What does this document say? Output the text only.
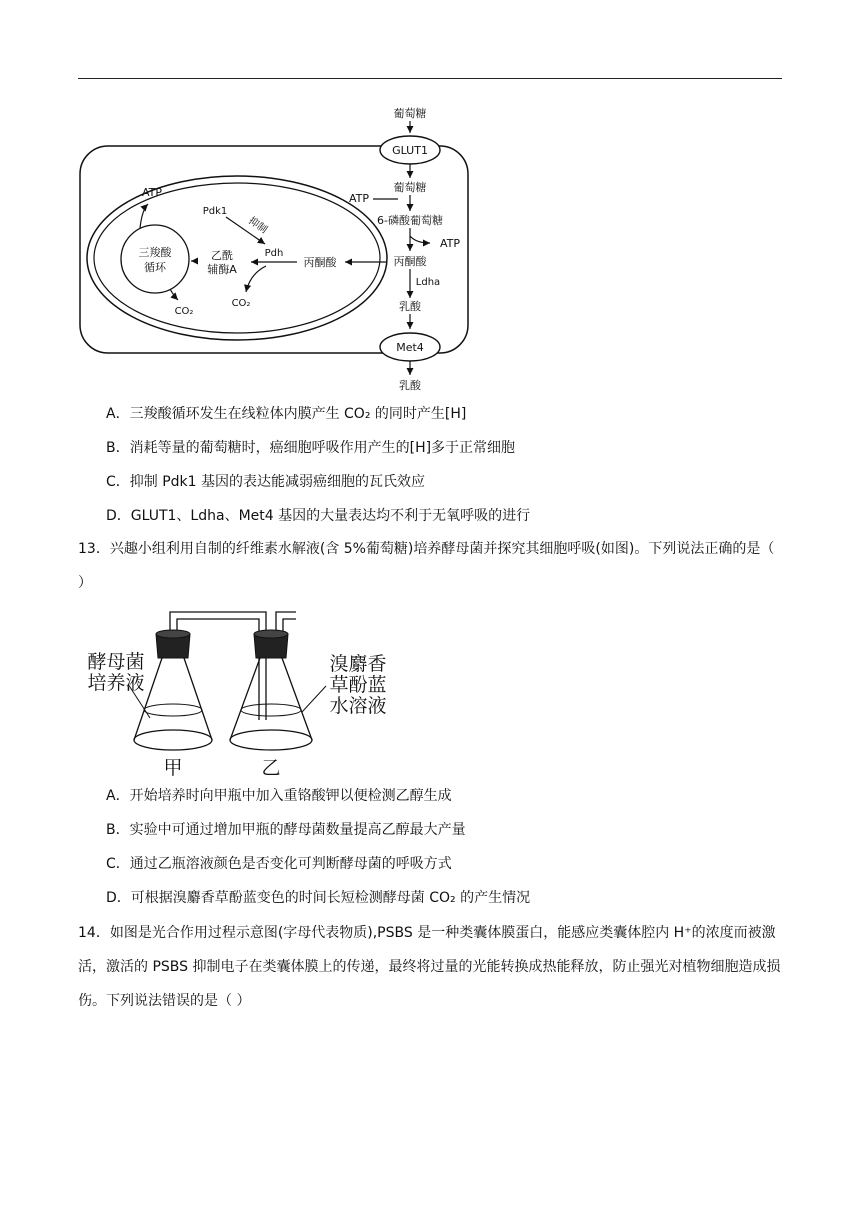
GLUT1
Met4
葡萄糖
葡萄糖
ATP
6-磷酸葡萄糖
ATP
丙酮酸
Ldha
乳酸
乳酸
丙酮酸
Pdh
Pdk1
抑制
CO₂
乙酰
辅酶A
三羧酸
循环
ATP
CO₂
A．三羧酸循环发生在线粒体内膜产生 CO₂ 的同时产生[H]
B．消耗等量的葡萄糖时，癌细胞呼吸作用产生的[H]多于正常细胞
C．抑制 Pdk1 基因的表达能减弱癌细胞的瓦氏效应
D．GLUT1、Ldha、Met4 基因的大量表达均不利于无氧呼吸的进行
13．兴趣小组利用自制的纤维素水解液(含 5%葡萄糖)培养酵母菌并探究其细胞呼吸(如图)。下列说法正确的是（ ）
酵母菌
培养液
溴麝香
草酚蓝
水溶液
甲	乙
A．开始培养时向甲瓶中加入重铬酸钾以便检测乙醇生成
B．实验中可通过增加甲瓶的酵母菌数量提高乙醇最大产量
C．通过乙瓶溶液颜色是否变化可判断酵母菌的呼吸方式
D．可根据溴麝香草酚蓝变色的时间长短检测酵母菌 CO₂ 的产生情况
14．如图是光合作用过程示意图(字母代表物质),PSBS 是一种类囊体膜蛋白，能感应类囊体腔内 H⁺的浓度而被激活，激活的 PSBS 抑制电子在类囊体膜上的传递，最终将过量的光能转换成热能释放，防止强光对植物细胞造成损伤。下列说法错误的是（ ）
